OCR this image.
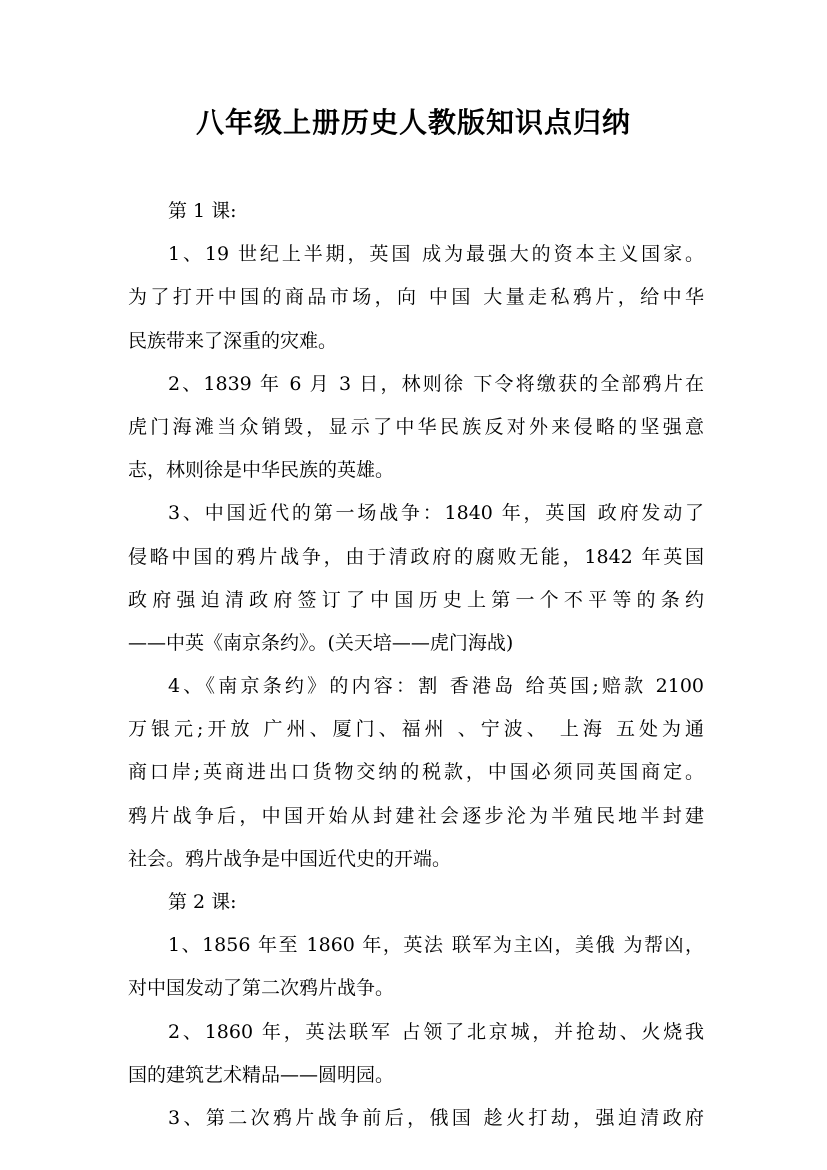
八年级上册历史人教版知识点归纳
第 1 课:
1、19 世纪上半期，英国 成为最强大的资本主义国家。
为了打开中国的商品市场，向 中国 大量走私鸦片，给中华
民族带来了深重的灾难。
2、1839 年 6 月 3 日，林则徐 下令将缴获的全部鸦片在
虎门海滩当众销毁，显示了中华民族反对外来侵略的坚强意
志，林则徐是中华民族的英雄。
3、中国近代的第一场战争：1840 年，英国 政府发动了
侵略中国的鸦片战争，由于清政府的腐败无能，1842 年英国
政府强迫清政府签订了中国历史上第一个不平等的条约
——中英《南京条约》。(关天培——虎门海战)
4、《南京条约》的内容：割 香港岛 给英国;赔款 2100
万银元;开放 广州、厦门、福州 、宁波、 上海 五处为通
商口岸;英商进出口货物交纳的税款，中国必须同英国商定。
鸦片战争后，中国开始从封建社会逐步沦为半殖民地半封建
社会。鸦片战争是中国近代史的开端。
第 2 课:
1、1856 年至 1860 年，英法 联军为主凶，美俄 为帮凶，
对中国发动了第二次鸦片战争。
2、1860 年，英法联军 占领了北京城，并抢劫、火烧我
国的建筑艺术精品——圆明园。
3、第二次鸦片战争前后，俄国 趁火打劫，强迫清政府
